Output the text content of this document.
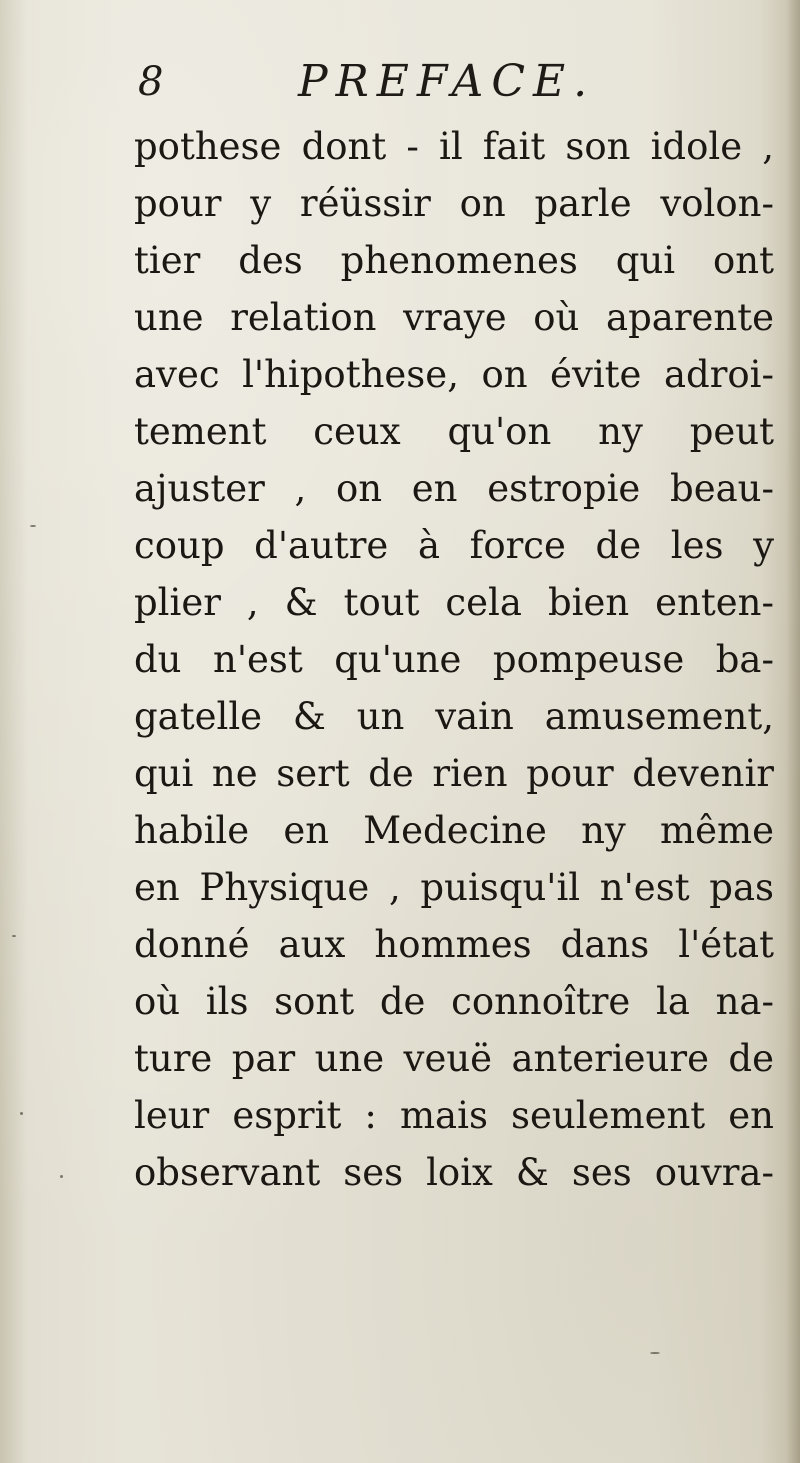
8	PREFACE.
pothese dont - il fait son idole ,
pour y réüssir on parle volon-
tier des phenomenes qui ont
une relation vraye où aparente
avec l'hipothese, on évite adroi-
tement ceux qu'on ny peut
ajuster , on en estropie beau-
coup d'autre à force de les y
plier , & tout cela bien enten-
du n'est qu'une pompeuse ba-
gatelle & un vain amusement,
qui ne sert de rien pour devenir
habile en Medecine ny même
en Physique , puisqu'il n'est pas
donné aux hommes dans l'état
où ils sont de connoître la na-
ture par une veuë anterieure de
leur esprit : mais seulement en
observant ses loix & ses ouvra-
